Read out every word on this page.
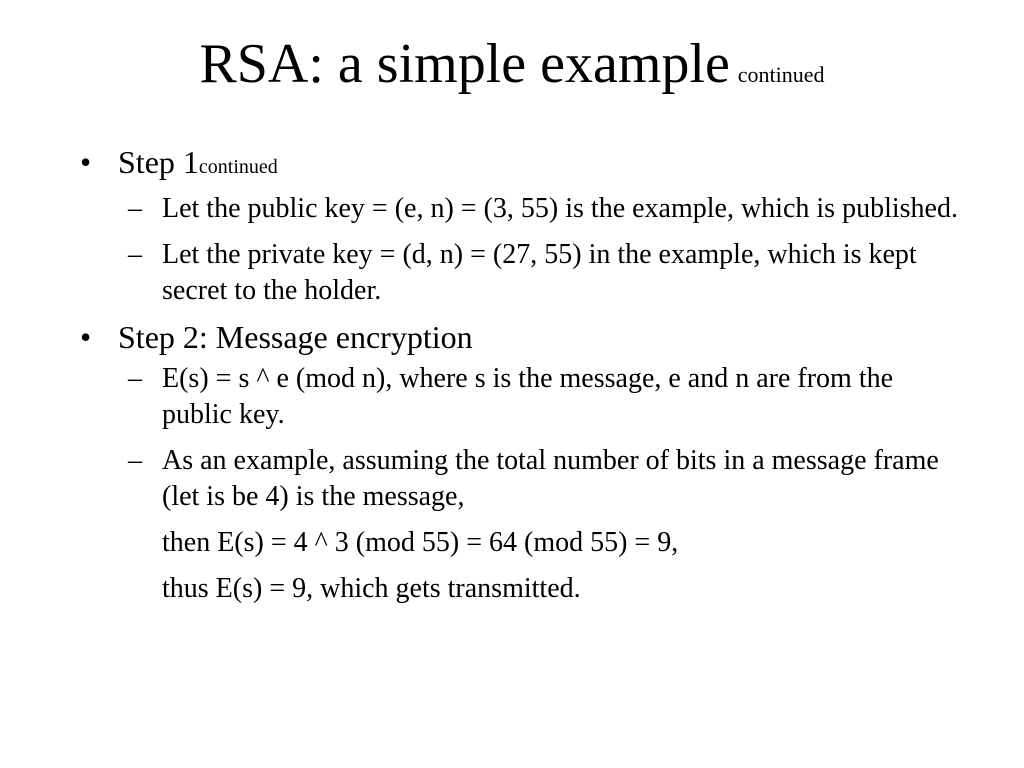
RSA: a simple example continued
• Step 1continued
– Let the public key = (e, n) = (3, 55) is the example, which is published.
– Let the private key = (d, n) = (27, 55) in the example, which is kept secret to the holder.
• Step 2: Message encryption
– E(s) = s ^ e (mod n), where s is the message, e and n are from the public key.
– As an example, assuming the total number of bits in a message frame (let is be 4) is the message,
then E(s) = 4 ^ 3 (mod 55) = 64 (mod 55) = 9,
thus E(s) = 9, which gets transmitted.
